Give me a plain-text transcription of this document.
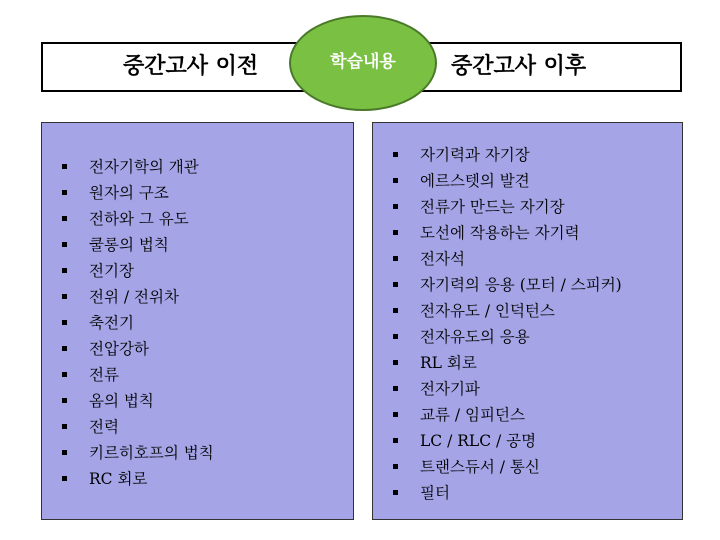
중간고사 이전	중간고사 이후
학습내용
전자기학의 개관
원자의 구조
전하와 그 유도
쿨롱의 법칙
전기장
전위 / 전위차
축전기
전압강하
전류
옴의 법칙
전력
키르히호프의 법칙
RC 회로
자기력과 자기장
에르스텟의 발견
전류가 만드는 자기장
도선에 작용하는 자기력
전자석
자기력의 응용 (모터 / 스피커)
전자유도 / 인덕턴스
전자유도의 응용
RL 회로
전자기파
교류 / 임피던스
LC / RLC / 공명
트랜스듀서 / 통신
필터
